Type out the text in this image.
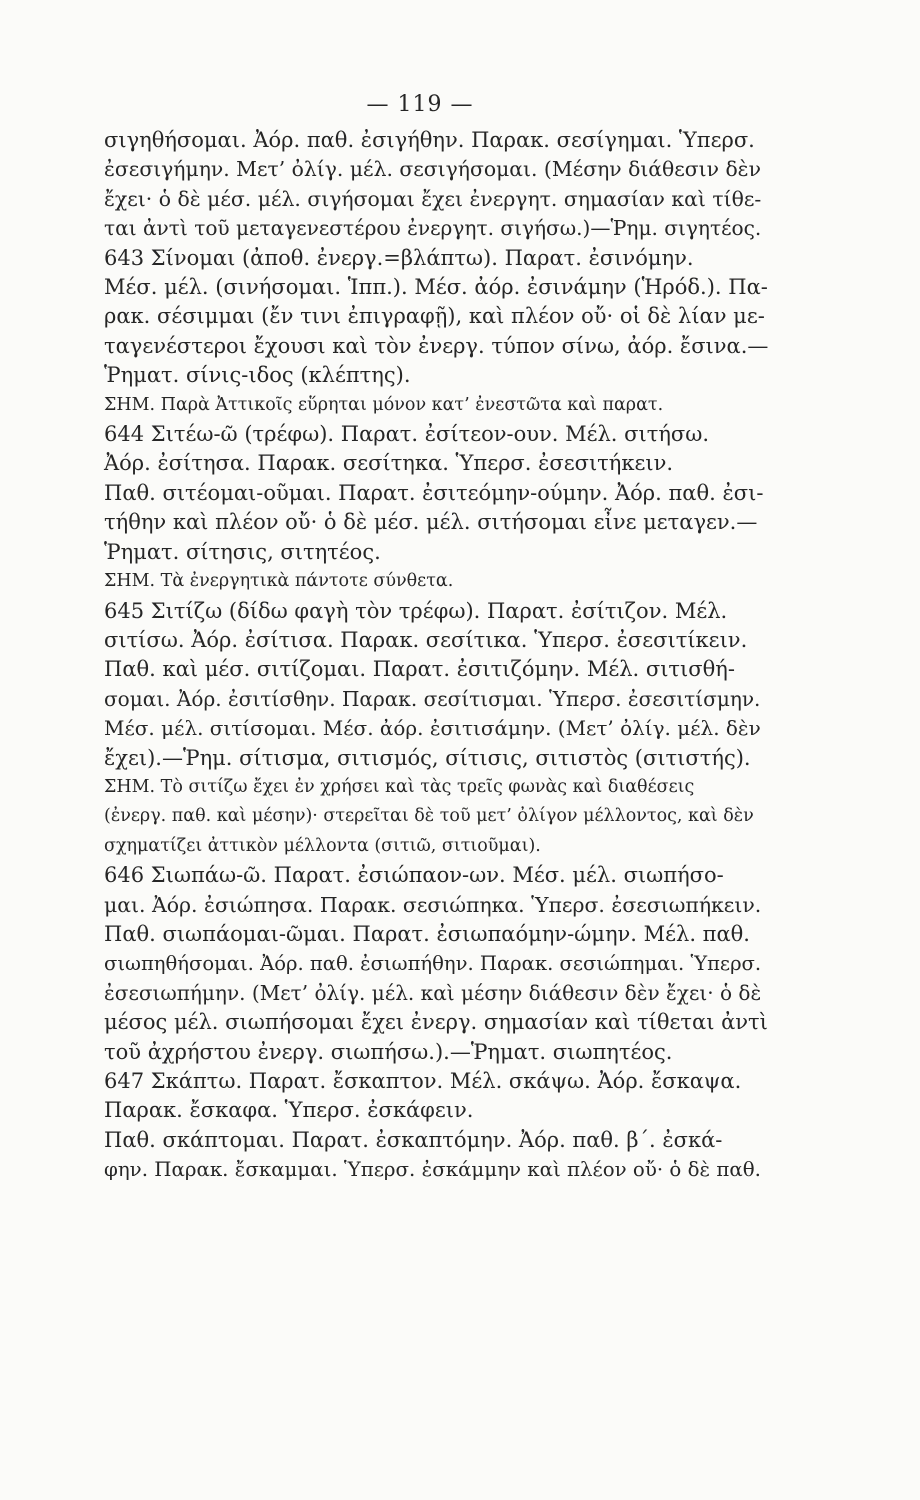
— 119 —
σιγηθήσομαι. Ἀόρ. παθ. ἐσιγήθην. Παρακ. σεσίγημαι. Ὑπερσ.
ἐσεσιγήμην. Μετ’ ὀλίγ. μέλ. σεσιγήσομαι. (Μέσην διάθεσιν δὲν
ἔχει· ὁ δὲ μέσ. μέλ. σιγήσομαι ἔχει ἐνεργητ. σημασίαν καὶ τίθε-
ται ἀντὶ τοῦ μεταγενεστέρου ἐνεργητ. σιγήσω.)—Ῥημ. σιγητέος.
643 Σίνομαι (ἀποθ. ἐνεργ.=βλάπτω). Παρατ. ἐσινόμην.
Μέσ. μέλ. (σινήσομαι. Ἱππ.). Μέσ. ἀόρ. ἐσινάμην (Ἡρόδ.). Πα-
ρακ. σέσιμμαι (ἔν τινι ἐπιγραφῇ), καὶ πλέον οὔ· οἱ δὲ λίαν με-
ταγενέστεροι ἔχουσι καὶ τὸν ἐνεργ. τύπον σίνω, ἀόρ. ἔσινα.—
Ῥηματ. σίνις-ιδος (κλέπτης).
ΣΗΜ. Παρὰ Ἀττικοῖς εὕρηται μόνον κατ’ ἐνεστῶτα καὶ παρατ.
644 Σιτέω-ῶ (τρέφω). Παρατ. ἐσίτεον-ουν. Μέλ. σιτήσω.
Ἀόρ. ἐσίτησα. Παρακ. σεσίτηκα. Ὑπερσ. ἐσεσιτήκειν.
Παθ. σιτέομαι-οῦμαι. Παρατ. ἐσιτεόμην-ούμην. Ἀόρ. παθ. ἐσι-
τήθην καὶ πλέον οὔ· ὁ δὲ μέσ. μέλ. σιτήσομαι εἶνε μεταγεν.—
Ῥηματ. σίτησις, σιτητέος.
ΣΗΜ. Τὰ ἐνεργητικὰ πάντοτε σύνθετα.
645 Σιτίζω (δίδω φαγὴ τὸν τρέφω). Παρατ. ἐσίτιζον. Μέλ.
σιτίσω. Ἀόρ. ἐσίτισα. Παρακ. σεσίτικα. Ὑπερσ. ἐσεσιτίκειν.
Παθ. καὶ μέσ. σιτίζομαι. Παρατ. ἐσιτιζόμην. Μέλ. σιτισθή-
σομαι. Ἀόρ. ἐσιτίσθην. Παρακ. σεσίτισμαι. Ὑπερσ. ἐσεσιτίσμην.
Μέσ. μέλ. σιτίσομαι. Μέσ. ἀόρ. ἐσιτισάμην. (Μετ’ ὀλίγ. μέλ. δὲν
ἔχει).—Ῥημ. σίτισμα, σιτισμός, σίτισις, σιτιστὸς (σιτιστής).
ΣΗΜ. Τὸ σιτίζω ἔχει ἐν χρήσει καὶ τὰς τρεῖς φωνὰς καὶ διαθέσεις
(ἐνεργ. παθ. καὶ μέσην)· στερεῖται δὲ τοῦ μετ’ ὀλίγον μέλλοντος, καὶ δὲν
σχηματίζει ἀττικὸν μέλλοντα (σιτιῶ, σιτιοῦμαι).
646 Σιωπάω-ῶ. Παρατ. ἐσιώπαον-ων. Μέσ. μέλ. σιωπήσο-
μαι. Ἀόρ. ἐσιώπησα. Παρακ. σεσιώπηκα. Ὑπερσ. ἐσεσιωπήκειν.
Παθ. σιωπάομαι-ῶμαι. Παρατ. ἐσιωπαόμην-ώμην. Μέλ. παθ.
σιωπηθήσομαι. Ἀόρ. παθ. ἐσιωπήθην. Παρακ. σεσιώπημαι. Ὑπερσ.
ἐσεσιωπήμην. (Μετ’ ὀλίγ. μέλ. καὶ μέσην διάθεσιν δὲν ἔχει· ὁ δὲ
μέσος μέλ. σιωπήσομαι ἔχει ἐνεργ. σημασίαν καὶ τίθεται ἀντὶ
τοῦ ἀχρήστου ἐνεργ. σιωπήσω.).—Ῥηματ. σιωπητέος.
647 Σκάπτω. Παρατ. ἔσκαπτον. Μέλ. σκάψω. Ἀόρ. ἔσκαψα.
Παρακ. ἔσκαφα. Ὑπερσ. ἐσκάφειν.
Παθ. σκάπτομαι. Παρατ. ἐσκαπτόμην. Ἀόρ. παθ. β΄. ἐσκά-
φην. Παρακ. ἔσκαμμαι. Ὑπερσ. ἐσκάμμην καὶ πλέον οὔ· ὁ δὲ παθ.
